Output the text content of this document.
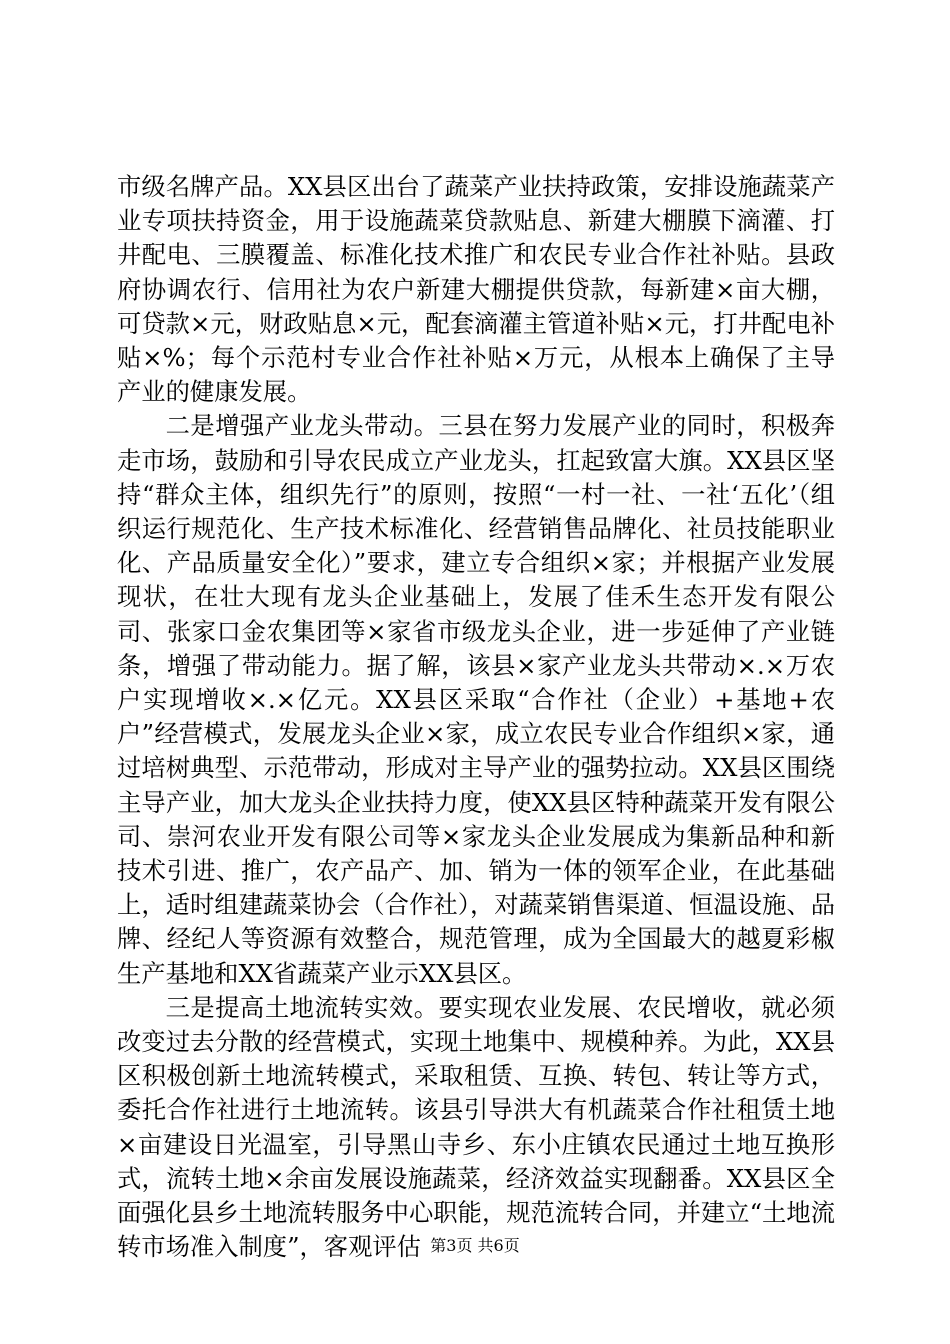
市级名牌产品。XX县区出台了蔬菜产业扶持政策，安排设施蔬菜产业专项扶持资金，用于设施蔬菜贷款贴息、新建大棚膜下滴灌、打井配电、三膜覆盖、标准化技术推广和农民专业合作社补贴。县政府协调农行、信用社为农户新建大棚提供贷款，每新建×亩大棚，可贷款×元，财政贴息×元，配套滴灌主管道补贴×元，打井配电补贴×%；每个示范村专业合作社补贴×万元，从根本上确保了主导产业的健康发展。

二是增强产业龙头带动。三县在努力发展产业的同时，积极奔走市场，鼓励和引导农民成立产业龙头，扛起致富大旗。XX县区坚持“群众主体，组织先行”的原则，按照“一村一社、一社‘五化’（组织运行规范化、生产技术标准化、经营销售品牌化、社员技能职业化、产品质量安全化）”要求，建立专合组织×家；并根据产业发展现状，在壮大现有龙头企业基础上，发展了佳禾生态开发有限公司、张家口金农集团等×家省市级龙头企业，进一步延伸了产业链条，增强了带动能力。据了解，该县×家产业龙头共带动×.×万农户实现增收×.×亿元。XX县区采取“合作社（企业）+基地+农户”经营模式，发展龙头企业×家，成立农民专业合作组织×家，通过培树典型、示范带动，形成对主导产业的强势拉动。XX县区围绕主导产业，加大龙头企业扶持力度，使XX县区特种蔬菜开发有限公司、崇河农业开发有限公司等×家龙头企业发展成为集新品种和新技术引进、推广，农产品产、加、销为一体的领军企业，在此基础上，适时组建蔬菜协会（合作社），对蔬菜销售渠道、恒温设施、品牌、经纪人等资源有效整合，规范管理，成为全国最大的越夏彩椒生产基地和XX省蔬菜产业示XX县区。

三是提高土地流转实效。要实现农业发展、农民增收，就必须改变过去分散的经营模式，实现土地集中、规模种养。为此，XX县区积极创新土地流转模式，采取租赁、互换、转包、转让等方式，委托合作社进行土地流转。该县引导洪大有机蔬菜合作社租赁土地×亩建设日光温室，引导黑山寺乡、东小庄镇农民通过土地互换形式，流转土地×余亩发展设施蔬菜，经济效益实现翻番。XX县区全面强化县乡土地流转服务中心职能，规范流转合同，并建立“土地流转市场准入制度”，客观评估 第3页 共6页
